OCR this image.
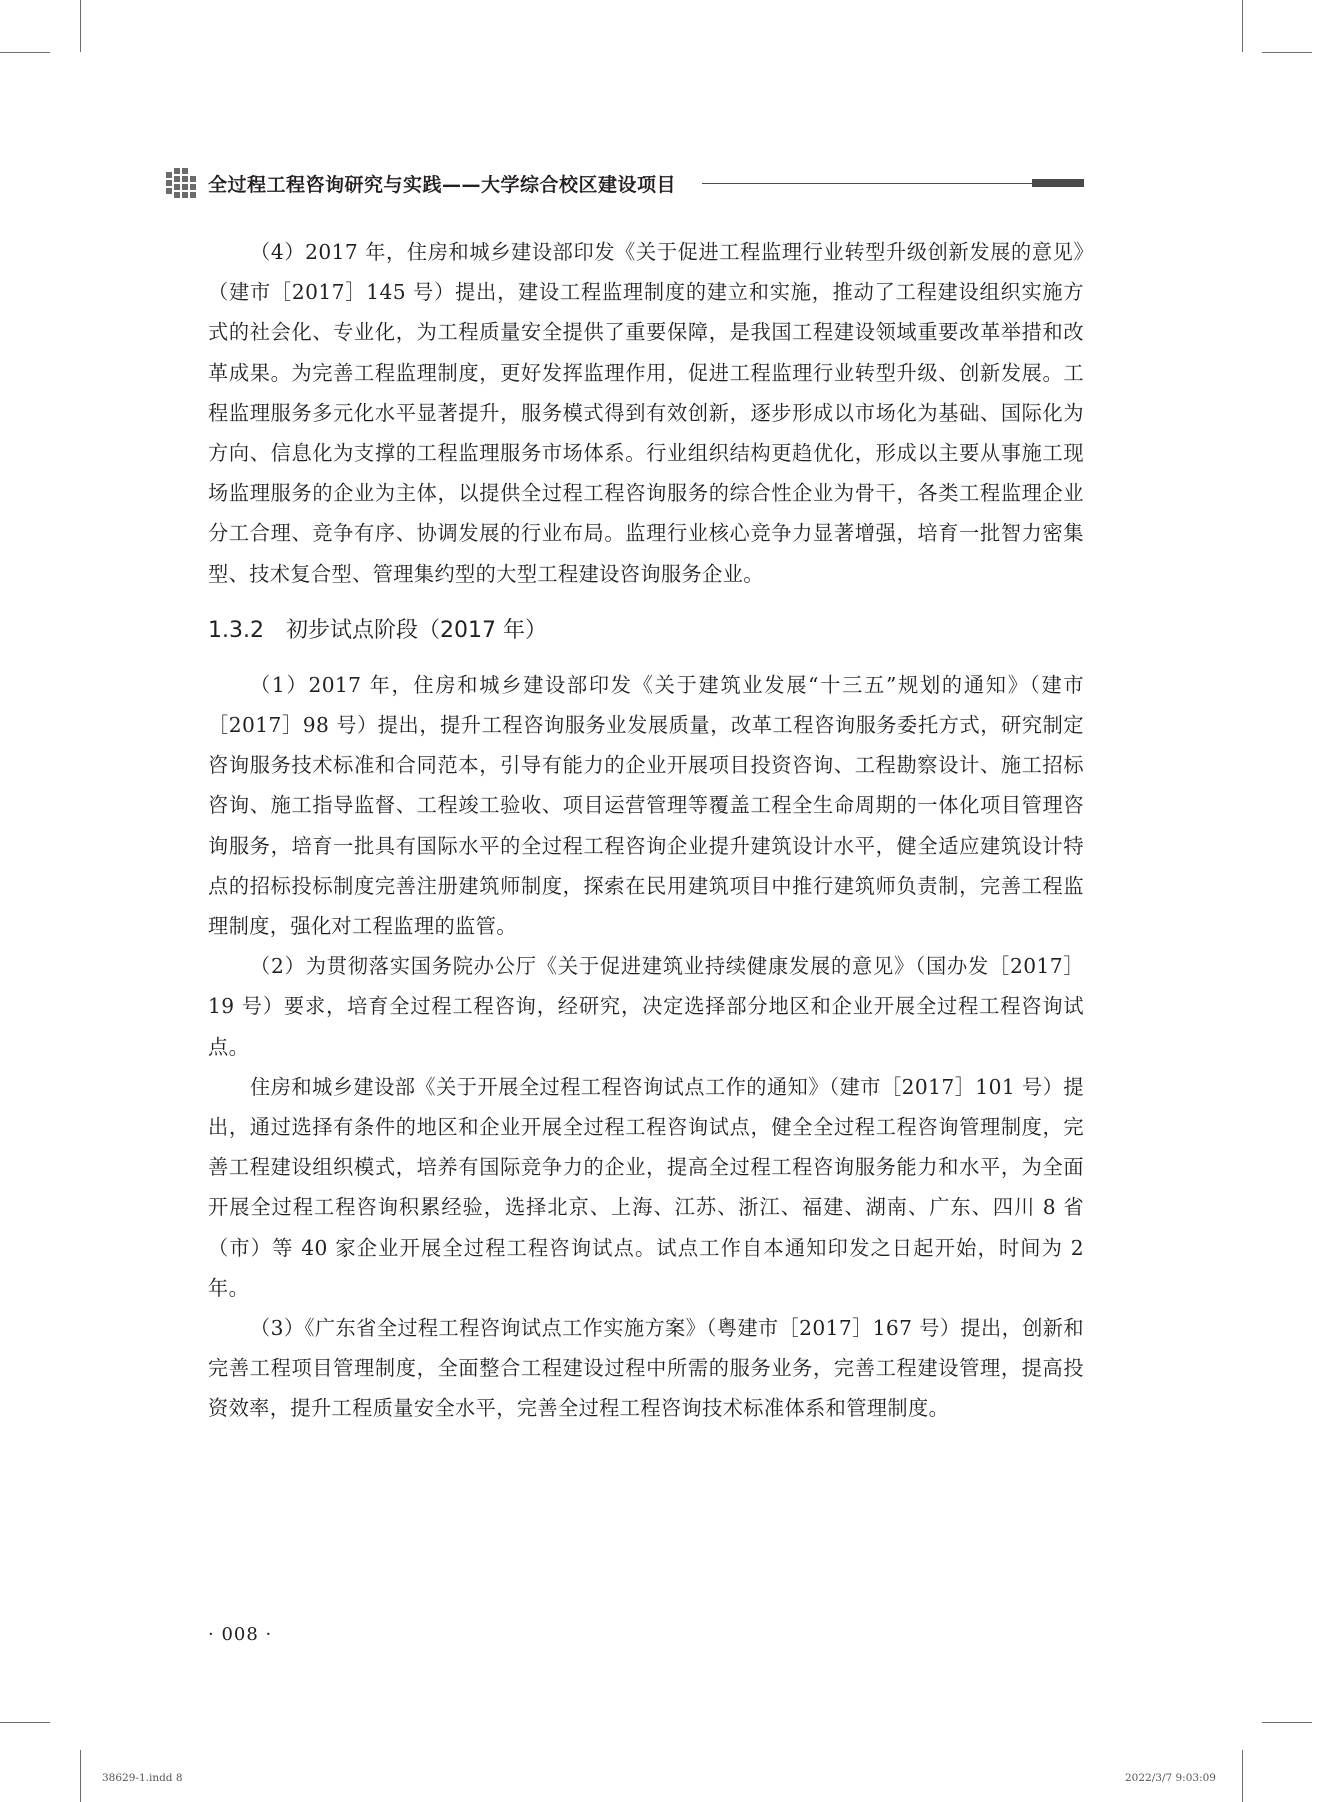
全过程工程咨询研究与实践——大学综合校区建设项目

（4）2017 年，住房和城乡建设部印发《关于促进工程监理行业转型升级创新发展的意见》（建市［2017］145 号）提出，建设工程监理制度的建立和实施，推动了工程建设组织实施方式的社会化、专业化，为工程质量安全提供了重要保障，是我国工程建设领域重要改革举措和改革成果。为完善工程监理制度，更好发挥监理作用，促进工程监理行业转型升级、创新发展。工程监理服务多元化水平显著提升，服务模式得到有效创新，逐步形成以市场化为基础、国际化为方向、信息化为支撑的工程监理服务市场体系。行业组织结构更趋优化，形成以主要从事施工现场监理服务的企业为主体，以提供全过程工程咨询服务的综合性企业为骨干，各类工程监理企业分工合理、竞争有序、协调发展的行业布局。监理行业核心竞争力显著增强，培育一批智力密集型、技术复合型、管理集约型的大型工程建设咨询服务企业。

1.3.2 初步试点阶段（2017 年）

（1）2017 年，住房和城乡建设部印发《关于建筑业发展“十三五”规划的通知》（建市［2017］98 号）提出，提升工程咨询服务业发展质量，改革工程咨询服务委托方式，研究制定咨询服务技术标准和合同范本，引导有能力的企业开展项目投资咨询、工程勘察设计、施工招标咨询、施工指导监督、工程竣工验收、项目运营管理等覆盖工程全生命周期的一体化项目管理咨询服务，培育一批具有国际水平的全过程工程咨询企业提升建筑设计水平，健全适应建筑设计特点的招标投标制度完善注册建筑师制度，探索在民用建筑项目中推行建筑师负责制，完善工程监理制度，强化对工程监理的监管。

（2）为贯彻落实国务院办公厅《关于促进建筑业持续健康发展的意见》（国办发［2017］19 号）要求，培育全过程工程咨询，经研究，决定选择部分地区和企业开展全过程工程咨询试点。

住房和城乡建设部《关于开展全过程工程咨询试点工作的通知》（建市［2017］101 号）提出，通过选择有条件的地区和企业开展全过程工程咨询试点，健全全过程工程咨询管理制度，完善工程建设组织模式，培养有国际竞争力的企业，提高全过程工程咨询服务能力和水平，为全面开展全过程工程咨询积累经验，选择北京、上海、江苏、浙江、福建、湖南、广东、四川 8 省（市）等 40 家企业开展全过程工程咨询试点。试点工作自本通知印发之日起开始，时间为 2 年。

（3）《广东省全过程工程咨询试点工作实施方案》（粤建市［2017］167 号）提出，创新和完善工程项目管理制度，全面整合工程建设过程中所需的服务业务，完善工程建设管理，提高投资效率，提升工程质量安全水平，完善全过程工程咨询技术标准体系和管理制度。

· 008 ·
38629-1.indd 8	2022/3/7 9:03:09
